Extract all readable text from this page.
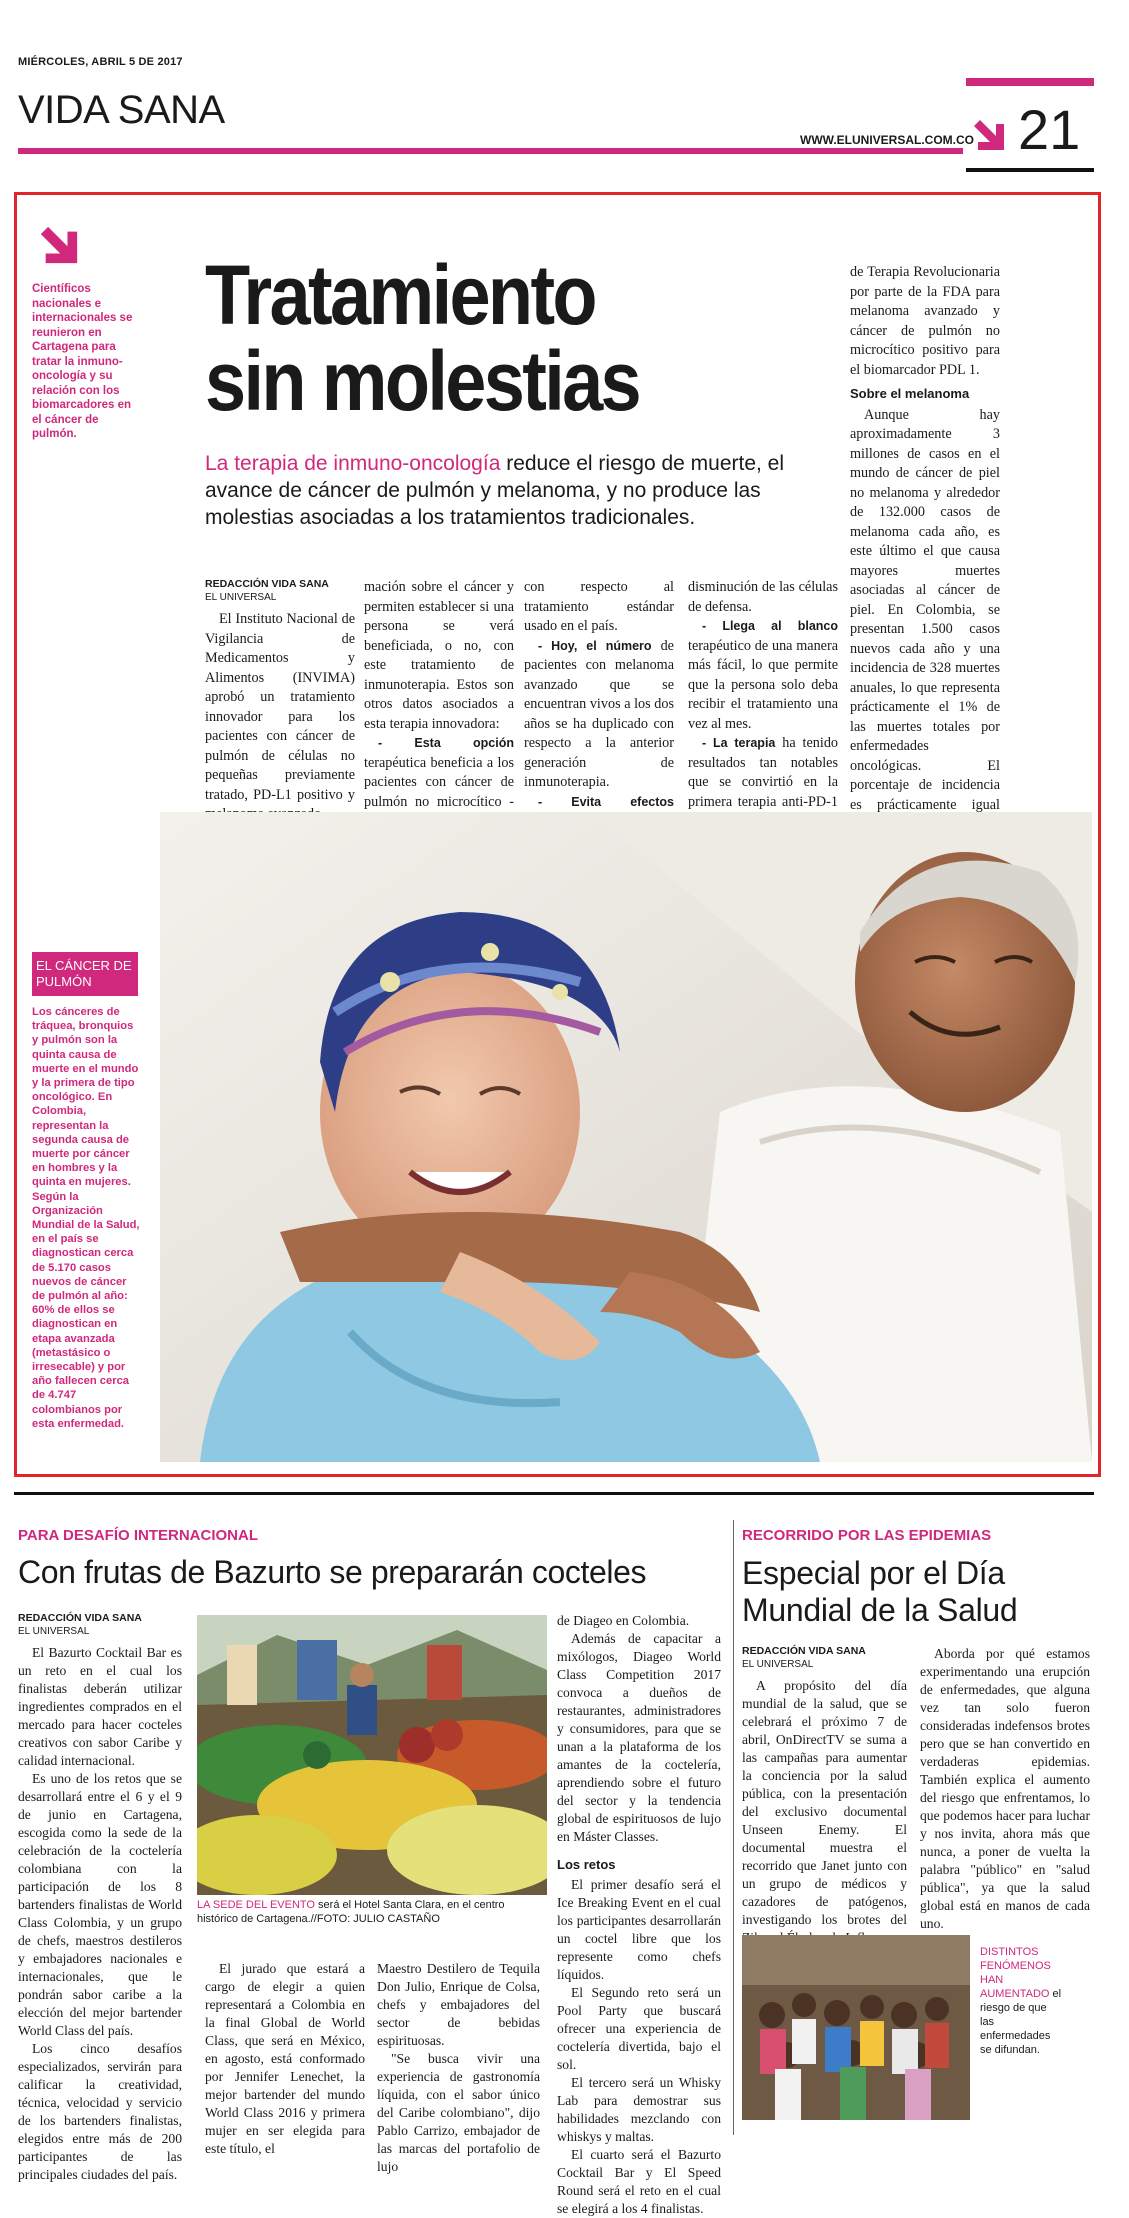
MIÉRCOLES, ABRIL 5 DE 2017
VIDA SANA
WWW.ELUNIVERSAL.COM.CO 21
Científicos nacionales e internacionales se reunieron en Cartagena para tratar la inmuno-oncología y su relación con los biomarcadores en el cáncer de pulmón.
Tratamiento
sin molestias
La terapia de inmuno-oncología reduce el riesgo de muerte, el avance de cáncer de pulmón y melanoma, y no produce las molestias asociadas a los tratamientos tradicionales.
REDACCIÓN VIDA SANA
EL UNIVERSAL

El Instituto Nacional de Vigilancia de Medicamentos y Alimentos (INVIMA) aprobó un tratamiento innovador para los pacientes con cáncer de pulmón de células no pequeñas previamente tratado, PD-L1 positivo y

mación sobre el cáncer y permiten establecer si una persona se verá beneficiada, o no, con este tratamiento de inmunoterapia. Estos son otros datos asociados a esta terapia innovadora:

- Esta opción terapéutica beneficia a los pacientes con cáncer de pulmón no microcítico -

con respecto al tratamiento estándar usado en el país.

- Hoy, el número de pacientes con melanoma avanzado que se encuentran vivos a los dos años se ha duplicado con respecto a la anterior generación de inmunoterapia.

- Evita efectos

disminución de las células de defensa.

- Llega al blanco terapéutico de una manera más fácil, lo que permite que la persona solo deba recibir el tratamiento una vez al mes.

- La terapia ha tenido resultados tan notables que se convirtió en la primera terapia anti-PD-1

de Terapia Revolucionaria por parte de la FDA para melanoma avanzado y cáncer de pulmón no microcítico positivo para el biomarcador PDL 1.

Sobre el melanoma

Aunque hay aproximadamente 3 millones de casos en el mundo de cáncer de piel no melanoma y alrededor de 132.000 casos de melanoma cada año, es este último el que causa mayores muertes asociadas al cáncer de piel. En Colombia, se presentan 1.500 casos nuevos cada año y una incidencia de 328 muertes anuales, lo que representa prácticamente el 1% de las muertes totales por enfermedades oncológicas. El porcentaje de incidencia es prácticamente igual

EL CÁNCER DE PULMÓN
Los cánceres de tráquea, bronquios y pulmón son la quinta causa de muerte en el mundo y la primera de tipo oncológico. En Colombia, representan la segunda causa de muerte por cáncer en hombres y la quinta en mujeres. Según la Organización Mundial de la Salud, en el país se diagnostican cerca de 5.170 casos nuevos de cáncer de pulmón al año: 60% de ellos se diagnostican en etapa avanzada (metastásico o irresecable) y por año fallecen cerca de 4.747 colombianos por esta enfermedad.
PARA DESAFÍO INTERNACIONAL
Con frutas de Bazurto se prepararán cocteles
REDACCIÓN VIDA SANA
EL UNIVERSAL

El Bazurto Cocktail Bar es un reto en el cual los finalistas deberán utilizar ingredientes comprados en el mercado para hacer cocteles creativos con sabor Caribe y calidad internacional.

Es uno de los retos que se desarrollará entre el 6 y el 9 de junio en Cartagena, escogida como la sede de la celebración de la coctelería colombiana con la participación de los 8 bartenders finalistas de World Class Colombia, y un grupo de chefs, maestros destileros y embajadores nacionales e internacionales, que le pondrán sabor caribe a la elección del mejor bartender World Class del país.

Los cinco desafíos especializados, servirán para calificar la creatividad, técnica, velocidad y servicio de los bartenders finalistas, elegidos entre más de 200 participantes de las principales ciudades del país.

LA SEDE DEL EVENTO será el Hotel Santa Clara, en el centro histórico de Cartagena.//FOTO: JULIO CASTAÑO

El jurado que estará a cargo de elegir a quien representará a Colombia en la final Global de World Class, que será en México, en agosto, está conformado por Jennifer Lenechet, la mejor bartender del mundo World Class 2016 y primera mujer en ser elegida para este título, el

Maestro Destilero de Tequila Don Julio, Enrique de Colsa, chefs y embajadores del sector de bebidas espirituosas.

"Se busca vivir una experiencia de gastronomía líquida, con el sabor único del Caribe colombiano", dijo Pablo Carrizo, embajador de las marcas del portafolio de lujo

de Diageo en Colombia.

Además de capacitar a mixólogos, Diageo World Class Competition 2017 convoca a dueños de restaurantes, administradores y consumidores, para que se unan a la plataforma de los amantes de la coctelería, aprendiendo sobre el futuro del sector y la tendencia global de espirituosos de lujo en Máster Classes.

Los retos

El primer desafío será el Ice Breaking Event en el cual los participantes desarrollarán un coctel libre que los represente como chefs líquidos.

El Segundo reto será un Pool Party que buscará ofrecer una experiencia de coctelería divertida, bajo el sol.

El tercero será un Whisky Lab para demostrar sus habilidades mezclando con whiskys y maltas.

El cuarto será el Bazurto Cocktail Bar y El Speed Round será el reto en el cual se elegirá a los 4 finalistas.

RECORRIDO POR LAS EPIDEMIAS
Especial por el Día
Mundial de la Salud
REDACCIÓN VIDA SANA
EL UNIVERSAL

A propósito del día mundial de la salud, que se celebrará el próximo 7 de abril, OnDirectTV se suma a las campañas para aumentar la conciencia por la salud pública, con la presentación del exclusivo documental Unseen Enemy. El documental muestra el recorrido que Janet junto con un grupo de médicos y cazadores de patógenos, investigando los brotes del

Aborda por qué estamos experimentando una erupción de enfermedades, que alguna vez tan solo fueron consideradas indefensos brotes pero que se han convertido en verdaderas epidemias. También explica el aumento del riesgo que enfrentamos, lo que podemos hacer para luchar y nos invita, ahora más que nunca, a poner de vuelta la palabra "público" en "salud pública", ya que la salud global está en manos de cada uno.

DISTINTOS FENÓMENOS HAN AUMENTADO el riesgo de que las enfermedades se difundan.
